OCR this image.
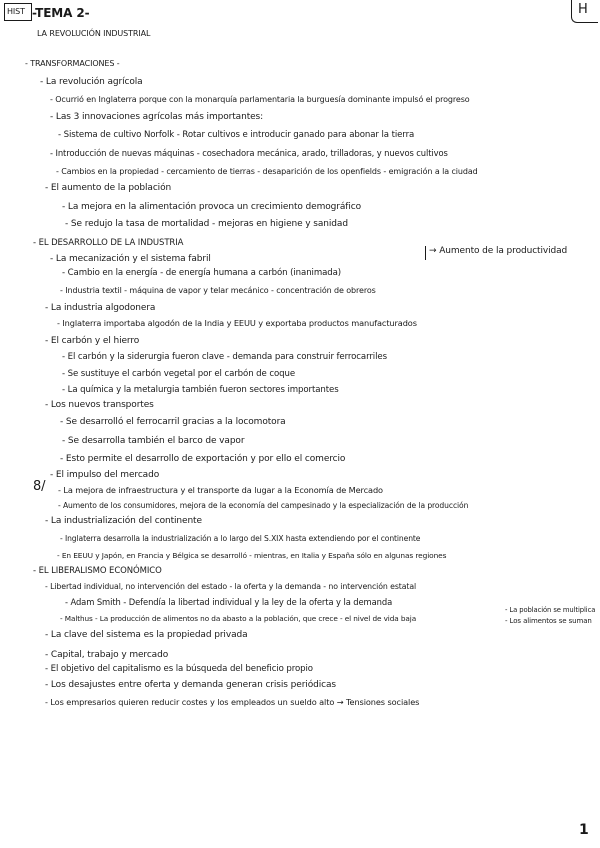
HIST -TEMA 2-
LA REVOLUCIÓN INDUSTRIAL
H
- TRANSFORMACIONES -
- La revolución agrícola
- Ocurrió en Inglaterra porque con la monarquía parlamentaria la burguesía dominante impulsó el progreso
- Las 3 innovaciones agrícolas más importantes:
- Sistema de cultivo Norfolk - Rotar cultivos e introducir ganado para abonar la tierra
- Introducción de nuevas máquinas - cosechadora mecánica, arado, trilladoras, y nuevos cultivos
- Cambios en la propiedad - cercamiento de tierras - desaparición de los openfields - emigración a la ciudad
- El aumento de la población
- La mejora en la alimentación provoca un crecimiento demográfico
- Se redujo la tasa de mortalidad - mejoras en higiene y sanidad
- EL DESARROLLO DE LA INDUSTRIA
- La mecanización y el sistema fabril
- Cambio en la energía - de energía humana a carbón (inanimada)
→ Aumento de la productividad
- Industria textil - máquina de vapor y telar mecánico - concentración de obreros
- La industria algodonera
- Inglaterra importaba algodón de la India y EEUU y exportaba productos manufacturados
- El carbón y el hierro
- El carbón y la siderurgia fueron clave - demanda para construir ferrocarriles
- Se sustituye el carbón vegetal por el carbón de coque
- La química y la metalurgia también fueron sectores importantes
- Los nuevos transportes
- Se desarrolló el ferrocarril gracias a la locomotora
- Se desarrolla también el barco de vapor
- Esto permite el desarrollo de exportación y por ello el comercio
- El impulso del mercado
8/ - La mejora de infraestructura y el transporte da lugar a la Economía de Mercado
- Aumento de los consumidores, mejora de la economía del campesinado y la especialización de la producción
- La industrialización del continente
- Inglaterra desarrolla la industrialización a lo largo del S.XIX hasta extendiendo por el continente
- En EEUU y Japón, en Francia y Bélgica se desarrolló - mientras, en Italia y España sólo en algunas regiones
- EL LIBERALISMO ECONÓMICO
- Libertad individual, no intervención del estado - la oferta y la demanda - no intervención estatal
- Adam Smith - Defendía la libertad individual y la ley de la oferta y la demanda
- Malthus - La producción de alimentos no da abasto a la población, que crece - el nivel de vida baja
- La población se multiplica
- Los alimentos se suman
- La clave del sistema es la propiedad privada
- Capital, trabajo y mercado
- El objetivo del capitalismo es la búsqueda del beneficio propio
- Los desajustes entre oferta y demanda generan crisis periódicas
- Los empresarios quieren reducir costes y los empleados un sueldo alto → Tensiones sociales
1
